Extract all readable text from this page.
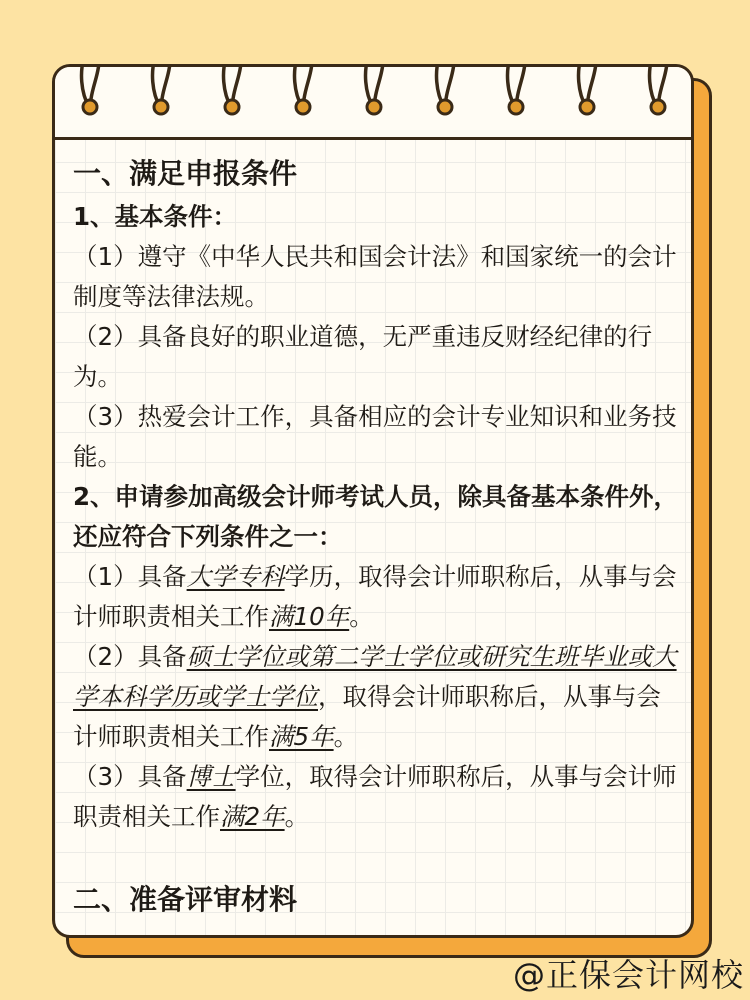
一、满足申报条件

1、基本条件：

（1）遵守《中华人民共和国会计法》和国家统一的会计制度等法律法规。

（2）具备良好的职业道德，无严重违反财经纪律的行为。

（3）热爱会计工作，具备相应的会计专业知识和业务技能。

2、申请参加高级会计师考试人员，除具备基本条件外，还应符合下列条件之一：

（1）具备大学专科学历，取得会计师职称后，从事与会计师职责相关工作满10年。

（2）具备硕士学位或第二学士学位或研究生班毕业或大学本科学历或学士学位，取得会计师职称后，从事与会计师职责相关工作满5年。

（3）具备博士学位，取得会计师职称后，从事与会计师职责相关工作满2年。

二、准备评审材料

@正保会计网校
